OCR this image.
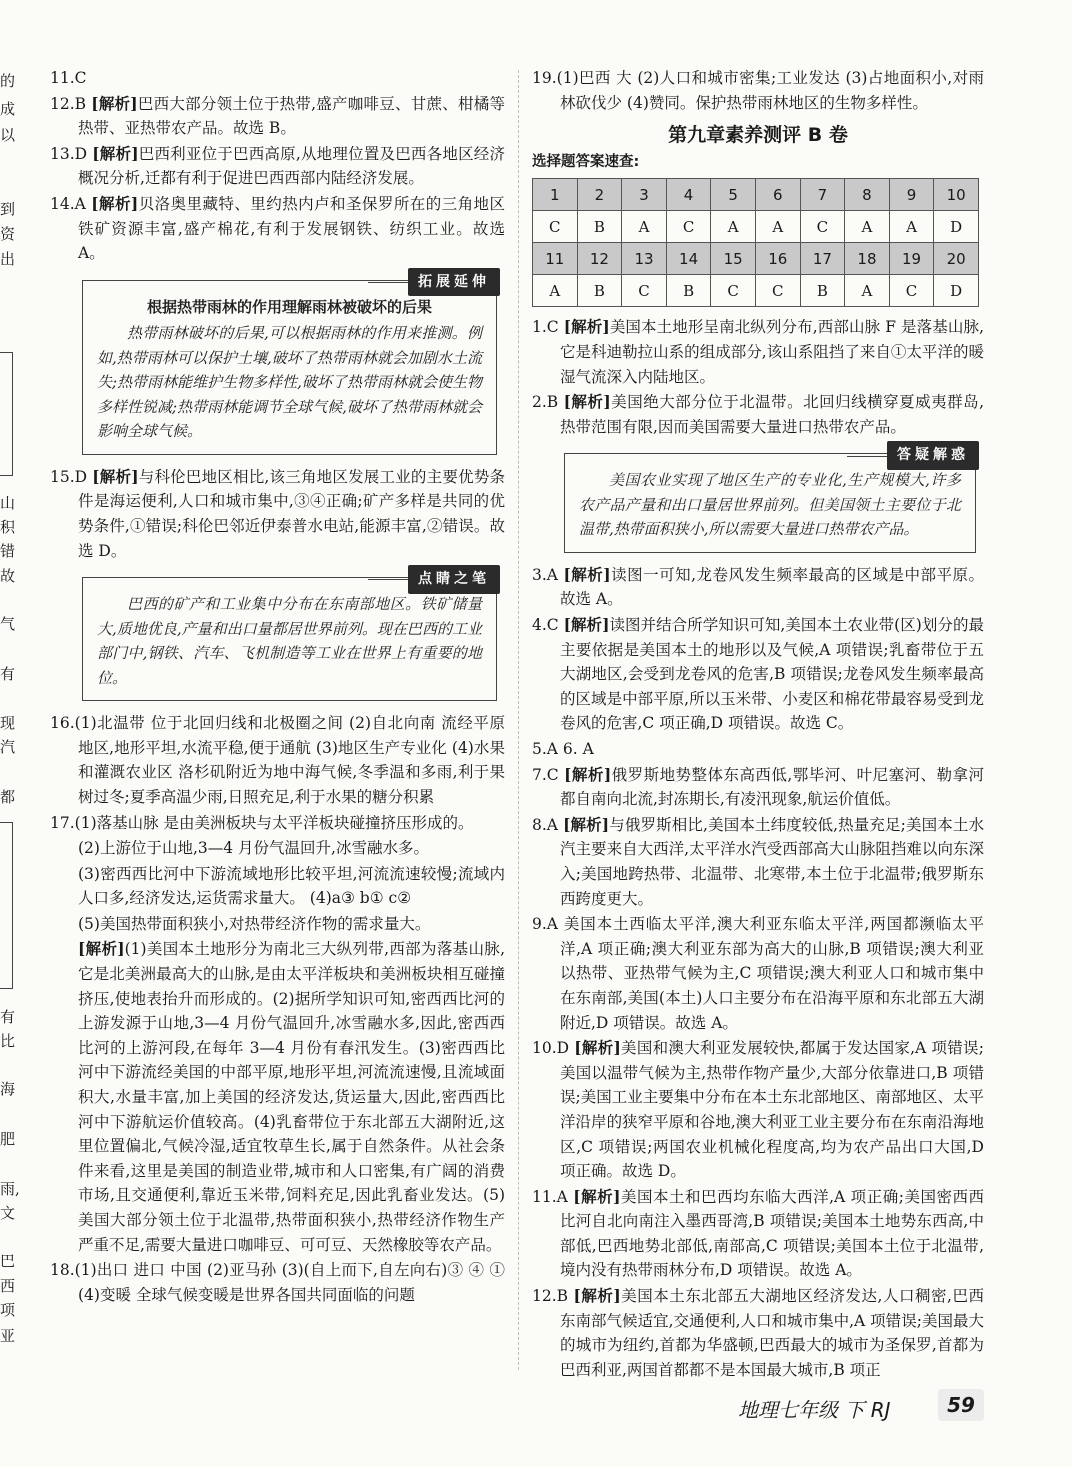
的
成
以
到
资
出
山
积
错
故
气
有
现
汽
都
有
比
海
肥
雨,
文
巴
西
项
亚
11.C
12.B [解析]巴西大部分领土位于热带,盛产咖啡豆、甘蔗、柑橘等热带、亚热带农产品。故选 B。
13.D [解析]巴西利亚位于巴西高原,从地理位置及巴西各地区经济概况分析,迁都有利于促进巴西西部内陆经济发展。
14.A [解析]贝洛奥里藏特、里约热内卢和圣保罗所在的三角地区铁矿资源丰富,盛产棉花,有利于发展钢铁、纺织工业。故选 A。
拓展延伸
根据热带雨林的作用理解雨林被破坏的后果

热带雨林破坏的后果,可以根据雨林的作用来推测。例如,热带雨林可以保护土壤,破坏了热带雨林就会加剧水土流失;热带雨林能维护生物多样性,破坏了热带雨林就会使生物多样性锐减;热带雨林能调节全球气候,破坏了热带雨林就会影响全球气候。

15.D [解析]与科伦巴地区相比,该三角地区发展工业的主要优势条件是海运便利,人口和城市集中,③④正确;矿产多样是共同的优势条件,①错误;科伦巴邻近伊泰普水电站,能源丰富,②错误。故选 D。
点睛之笔

巴西的矿产和工业集中分布在东南部地区。铁矿储量大,质地优良,产量和出口量都居世界前列。现在巴西的工业部门中,钢铁、汽车、飞机制造等工业在世界上有重要的地位。

16.(1)北温带 位于北回归线和北极圈之间 (2)自北向南 流经平原地区,地形平坦,水流平稳,便于通航 (3)地区生产专业化 (4)水果和灌溉农业区 洛杉矶附近为地中海气候,冬季温和多雨,利于果树过冬;夏季高温少雨,日照充足,利于水果的糖分积累
17.(1)落基山脉 是由美洲板块与太平洋板块碰撞挤压形成的。
(2)上游位于山地,3—4 月份气温回升,冰雪融水多。
(3)密西西比河中下游流域地形比较平坦,河流流速较慢;流域内人口多,经济发达,运货需求量大。 (4)a③ b① c②
(5)美国热带面积狭小,对热带经济作物的需求量大。
[解析](1)美国本土地形分为南北三大纵列带,西部为落基山脉,它是北美洲最高大的山脉,是由太平洋板块和美洲板块相互碰撞挤压,使地表抬升而形成的。(2)据所学知识可知,密西西比河的上游发源于山地,3—4 月份气温回升,冰雪融水多,因此,密西西比河的上游河段,在每年 3—4 月份有春汛发生。(3)密西西比河中下游流经美国的中部平原,地形平坦,河流流速慢,且流域面积大,水量丰富,加上美国的经济发达,货运量大,因此,密西西比河中下游航运价值较高。(4)乳畜带位于东北部五大湖附近,这里位置偏北,气候冷湿,适宜牧草生长,属于自然条件。从社会条件来看,这里是美国的制造业带,城市和人口密集,有广阔的消费市场,且交通便利,靠近玉米带,饲料充足,因此乳畜业发达。(5)美国大部分领土位于北温带,热带面积狭小,热带经济作物生产严重不足,需要大量进口咖啡豆、可可豆、天然橡胶等农产品。
18.(1)出口 进口 中国 (2)亚马孙 (3)(自上而下,自左向右)③ ④ ① (4)变暖 全球气候变暖是世界各国共同面临的问题
19.(1)巴西 大 (2)人口和城市密集;工业发达 (3)占地面积小,对雨林砍伐少 (4)赞同。保护热带雨林地区的生物多样性。
第九章素养测评 B 卷
选择题答案速查:
1	2	3	4	5	6	7	8	9	10
C	B	A	C	A	A	C	A	A	D
11	12	13	14	15	16	17	18	19	20
A	B	C	B	C	C	B	A	C	D
1.C [解析]美国本土地形呈南北纵列分布,西部山脉 F 是落基山脉,它是科迪勒拉山系的组成部分,该山系阻挡了来自①太平洋的暖湿气流深入内陆地区。
2.B [解析]美国绝大部分位于北温带。北回归线横穿夏威夷群岛,热带范围有限,因而美国需要大量进口热带农产品。
答疑解惑

美国农业实现了地区生产的专业化,生产规模大,许多农产品产量和出口量居世界前列。但美国领土主要位于北温带,热带面积狭小,所以需要大量进口热带农产品。

3.A [解析]读图一可知,龙卷风发生频率最高的区域是中部平原。故选 A。
4.C [解析]读图并结合所学知识可知,美国本土农业带(区)划分的最主要依据是美国本土的地形以及气候,A 项错误;乳畜带位于五大湖地区,会受到龙卷风的危害,B 项错误;龙卷风发生频率最高的区域是中部平原,所以玉米带、小麦区和棉花带最容易受到龙卷风的危害,C 项正确,D 项错误。故选 C。
5.A 6. A
7.C [解析]俄罗斯地势整体东高西低,鄂毕河、叶尼塞河、勒拿河都自南向北流,封冻期长,有凌汛现象,航运价值低。
8.A [解析]与俄罗斯相比,美国本土纬度较低,热量充足;美国本土水汽主要来自大西洋,太平洋水汽受西部高大山脉阻挡难以向东深入;美国地跨热带、北温带、北寒带,本土位于北温带;俄罗斯东西跨度更大。
9.A 美国本土西临太平洋,澳大利亚东临太平洋,两国都濒临太平洋,A 项正确;澳大利亚东部为高大的山脉,B 项错误;澳大利亚以热带、亚热带气候为主,C 项错误;澳大利亚人口和城市集中在东南部,美国(本土)人口主要分布在沿海平原和东北部五大湖附近,D 项错误。故选 A。
10.D [解析]美国和澳大利亚发展较快,都属于发达国家,A 项错误;美国以温带气候为主,热带作物产量少,大部分依靠进口,B 项错误;美国工业主要集中分布在本土东北部地区、南部地区、太平洋沿岸的狭窄平原和谷地,澳大利亚工业主要分布在东南沿海地区,C 项错误;两国农业机械化程度高,均为农产品出口大国,D 项正确。故选 D。
11.A [解析]美国本土和巴西均东临大西洋,A 项正确;美国密西西比河自北向南注入墨西哥湾,B 项错误;美国本土地势东西高,中部低,巴西地势北部低,南部高,C 项错误;美国本土位于北温带,境内没有热带雨林分布,D 项错误。故选 A。
12.B [解析]美国本土东北部五大湖地区经济发达,人口稠密,巴西东南部气候适宜,交通便利,人口和城市集中,A 项错误;美国最大的城市为纽约,首都为华盛顿,巴西最大的城市为圣保罗,首都为巴西利亚,两国首都都不是本国最大城市,B 项正
地理七年级 下 RJ	59
